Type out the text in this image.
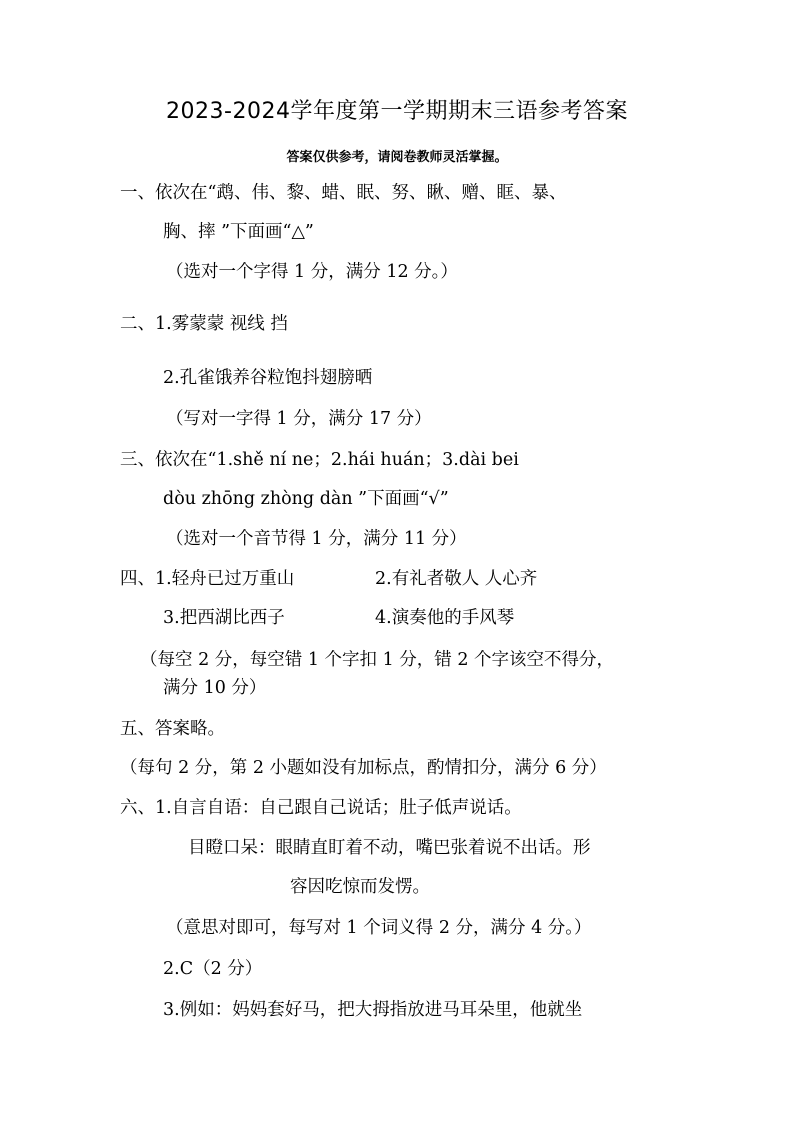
2023-2024学年度第一学期期末三语参考答案
答案仅供参考，请阅卷教师灵活掌握。
一、依次在“鹉、伟、黎、蜡、眠、努、瞅、赠、眶、暴、
胸、摔 ”下面画“△”
（选对一个字得 1 分，满分 12 分。）
二、1.雾蒙蒙 视线 挡
2.孔雀饿养谷粒饱抖翅膀晒
（写对一字得 1 分，满分 17 分）
三、依次在“1.shě ní ne；2.hái huán；3.dài bei
dòu zhōng zhòng dàn ”下面画“√”
（选对一个音节得 1 分，满分 11 分）
四、1.轻舟已过万重山	2.有礼者敬人 人心齐
3.把西湖比西子	4.演奏他的手风琴
（每空 2 分，每空错 1 个字扣 1 分，错 2 个字该空不得分，
满分 10 分）
五、答案略。
（每句 2 分，第 2 小题如没有加标点，酌情扣分，满分 6 分）
六、1.自言自语：自己跟自己说话；肚子低声说话。
目瞪口呆：眼睛直盯着不动，嘴巴张着说不出话。形
容因吃惊而发愣。
（意思对即可，每写对 1 个词义得 2 分，满分 4 分。）
2.C（2 分）
3.例如：妈妈套好马，把大拇指放进马耳朵里，他就坐
